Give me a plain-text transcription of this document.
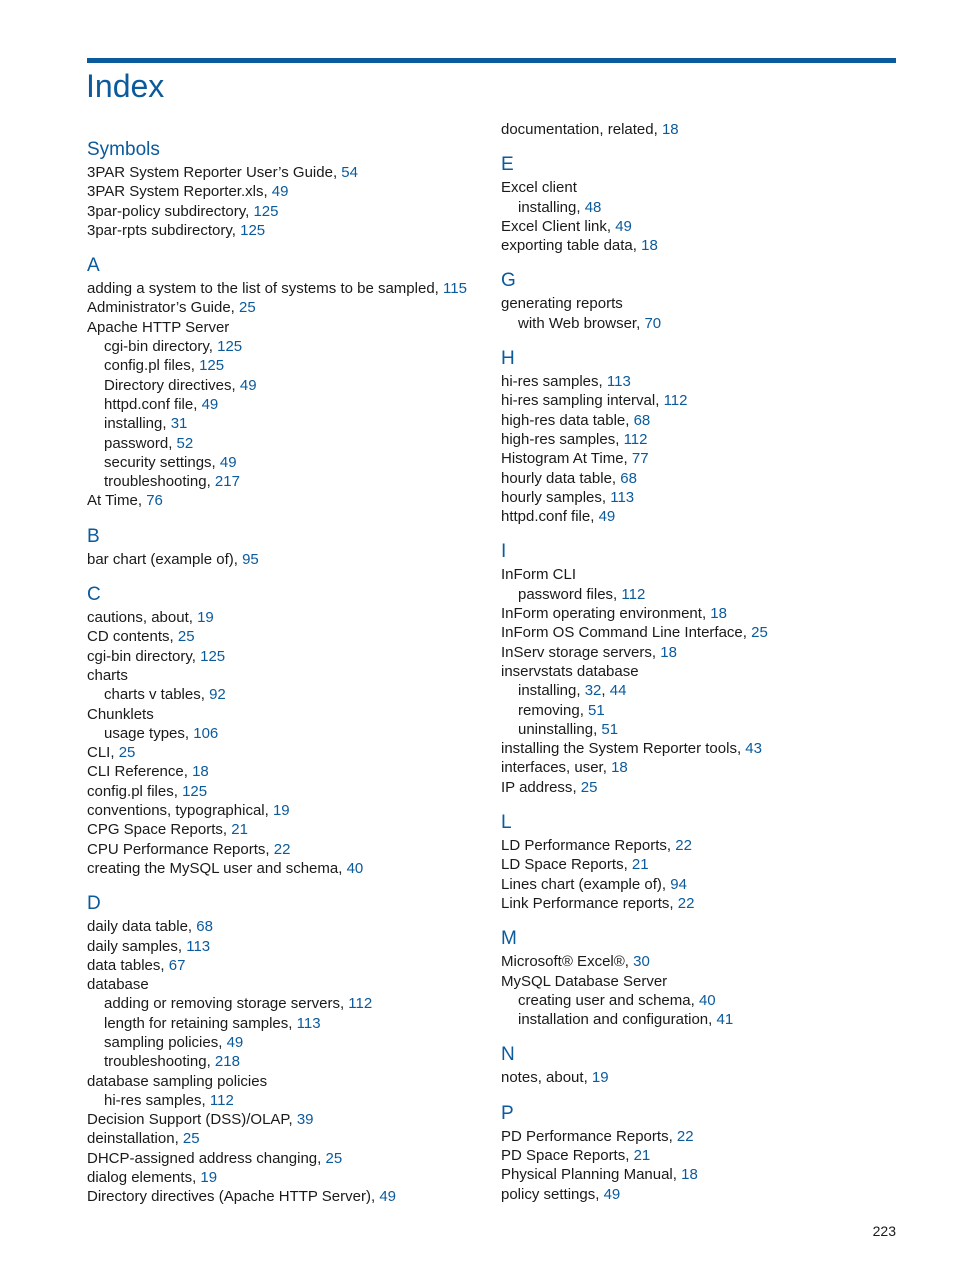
Index
Symbols
3PAR System Reporter User’s Guide, 54
3PAR System Reporter.xls, 49
3par-policy subdirectory, 125
3par-rpts subdirectory, 125
A
adding a system to the list of systems to be sampled, 115
Administrator’s Guide, 25
Apache HTTP Server
cgi-bin directory, 125
config.pl files, 125
Directory directives, 49
httpd.conf file, 49
installing, 31
password, 52
security settings, 49
troubleshooting, 217
At Time, 76
B
bar chart (example of), 95
C
cautions, about, 19
CD contents, 25
cgi-bin directory, 125
charts
charts v tables, 92
Chunklets
usage types, 106
CLI, 25
CLI Reference, 18
config.pl files, 125
conventions, typographical, 19
CPG Space Reports, 21
CPU Performance Reports, 22
creating the MySQL user and schema, 40
D
daily data table, 68
daily samples, 113
data tables, 67
database
adding or removing storage servers, 112
length for retaining samples, 113
sampling policies, 49
troubleshooting, 218
database sampling policies
hi-res samples, 112
Decision Support (DSS)/OLAP, 39
deinstallation, 25
DHCP-assigned address changing, 25
dialog elements, 19
Directory directives (Apache HTTP Server), 49
documentation, related, 18
E
Excel client
installing, 48
Excel Client link, 49
exporting table data, 18
G
generating reports
with Web browser, 70
H
hi-res samples, 113
hi-res sampling interval, 112
high-res data table, 68
high-res samples, 112
Histogram At Time, 77
hourly data table, 68
hourly samples, 113
httpd.conf file, 49
I
InForm CLI
password files, 112
InForm operating environment, 18
InForm OS Command Line Interface, 25
InServ storage servers, 18
inservstats database
installing, 32, 44
removing, 51
uninstalling, 51
installing the System Reporter tools, 43
interfaces, user, 18
IP address, 25
L
LD Performance Reports, 22
LD Space Reports, 21
Lines chart (example of), 94
Link Performance reports, 22
M
Microsoft® Excel®, 30
MySQL Database Server
creating user and schema, 40
installation and configuration, 41
N
notes, about, 19
P
PD Performance Reports, 22
PD Space Reports, 21
Physical Planning Manual, 18
policy settings, 49
223
